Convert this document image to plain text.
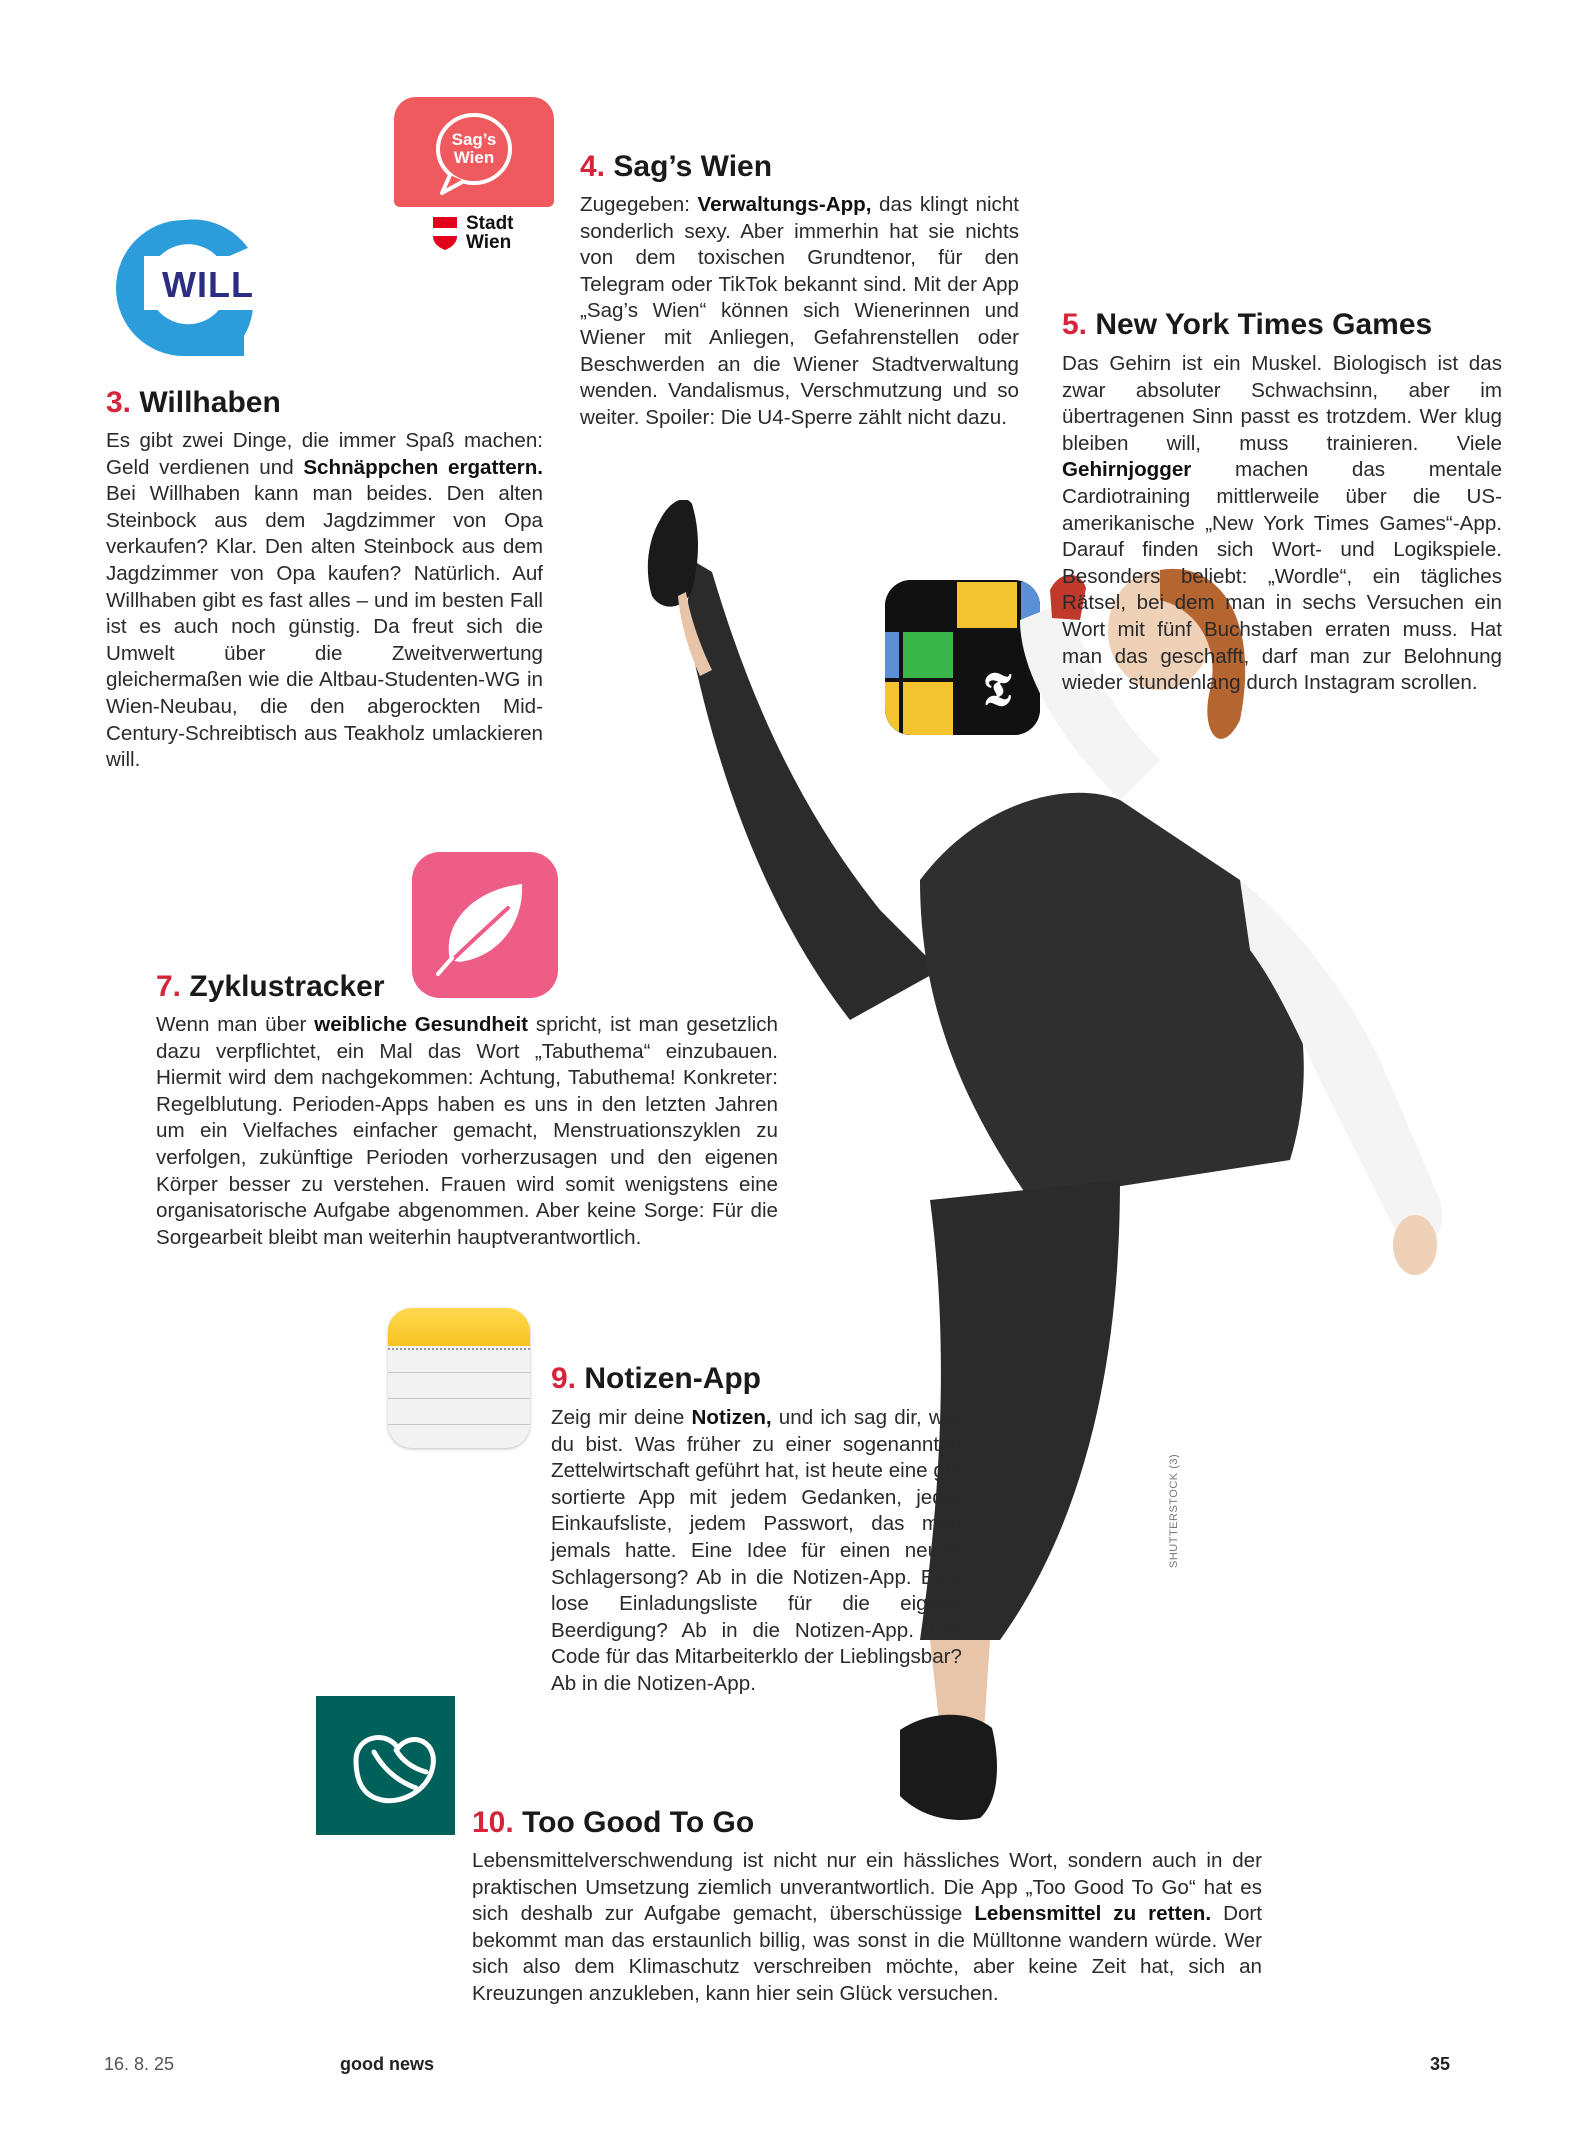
WILL
Sag’s Wien
Stadt
Wien
𝕿
SHUTTERSTOCK (3)
3. Willhaben

Es gibt zwei Dinge, die immer Spaß machen: Geld verdienen und Schnäppchen ergattern. Bei Willhaben kann man beides. Den alten Steinbock aus dem Jagdzimmer von Opa verkaufen? Klar. Den alten Steinbock aus dem Jagdzimmer von Opa kaufen? Natürlich. Auf Willhaben gibt es fast alles – und im besten Fall ist es auch noch günstig. Da freut sich die Umwelt über die Zweitverwertung gleichermaßen wie die Altbau-Studenten-WG in Wien-Neubau, die den abgerockten Mid-Century-Schreibtisch aus Teakholz umlackieren will.

4. Sag’s Wien

Zugegeben: Verwaltungs-App, das klingt nicht sonderlich sexy. Aber immerhin hat sie nichts von dem toxischen Grundtenor, für den Telegram oder TikTok bekannt sind. Mit der App „Sag’s Wien“ können sich Wienerinnen und Wiener mit Anliegen, Gefahrenstellen oder Beschwerden an die Wiener Stadtverwaltung wenden. Vandalismus, Verschmutzung und so weiter. Spoiler: Die U4-Sperre zählt nicht dazu.

5. New York Times Games

Das Gehirn ist ein Muskel. Biologisch ist das zwar absoluter Schwachsinn, aber im übertragenen Sinn passt es trotzdem. Wer klug bleiben will, muss trainieren. Viele Gehirnjogger machen das mentale Cardiotraining mittlerweile über die US-amerikanische „New York Times Games“-App. Darauf finden sich Wort- und Logikspiele. Besonders beliebt: „Wordle“, ein tägliches Rätsel, bei dem man in sechs Versuchen ein Wort mit fünf Buchstaben erraten muss. Hat man das geschafft, darf man zur Belohnung wieder stundenlang durch Instagram scrollen.

7. Zyklustracker

Wenn man über weibliche Gesundheit spricht, ist man gesetzlich dazu verpflichtet, ein Mal das Wort „Tabuthema“ einzubauen. Hiermit wird dem nachgekommen: Achtung, Tabuthema! Konkreter: Regelblutung. Perioden-Apps haben es uns in den letzten Jahren um ein Vielfaches einfacher gemacht, Menstruationszyklen zu verfolgen, zukünftige Perioden vorherzusagen und den eigenen Körper besser zu verstehen. Frauen wird somit wenigstens eine organisatorische Aufgabe abgenommen. Aber keine Sorge: Für die Sorgearbeit bleibt man weiterhin hauptverantwortlich.

9. Notizen-App

Zeig mir deine Notizen, und ich sag dir, wer du bist. Was früher zu einer sogenannten Zettelwirtschaft geführt hat, ist heute eine gut sortierte App mit jedem Gedanken, jeder Einkaufsliste, jedem Passwort, das man jemals hatte. Eine Idee für einen neuen Schlagersong? Ab in die Notizen-App. Eine lose Einladungsliste für die eigene Beerdigung? Ab in die Notizen-App. Der Code für das Mitarbeiterklo der Lieblingsbar? Ab in die Notizen-App.

10. Too Good To Go

Lebensmittelverschwendung ist nicht nur ein hässliches Wort, sondern auch in der praktischen Umsetzung ziemlich unverantwortlich. Die App „Too Good To Go“ hat es sich deshalb zur Aufgabe gemacht, überschüssige Lebensmittel zu retten. Dort bekommt man das erstaunlich billig, was sonst in die Mülltonne wandern würde. Wer sich also dem Klimaschutz verschreiben möchte, aber keine Zeit hat, sich an Kreuzungen anzukleben, kann hier sein Glück versuchen.

16. 8. 25	good news	35
